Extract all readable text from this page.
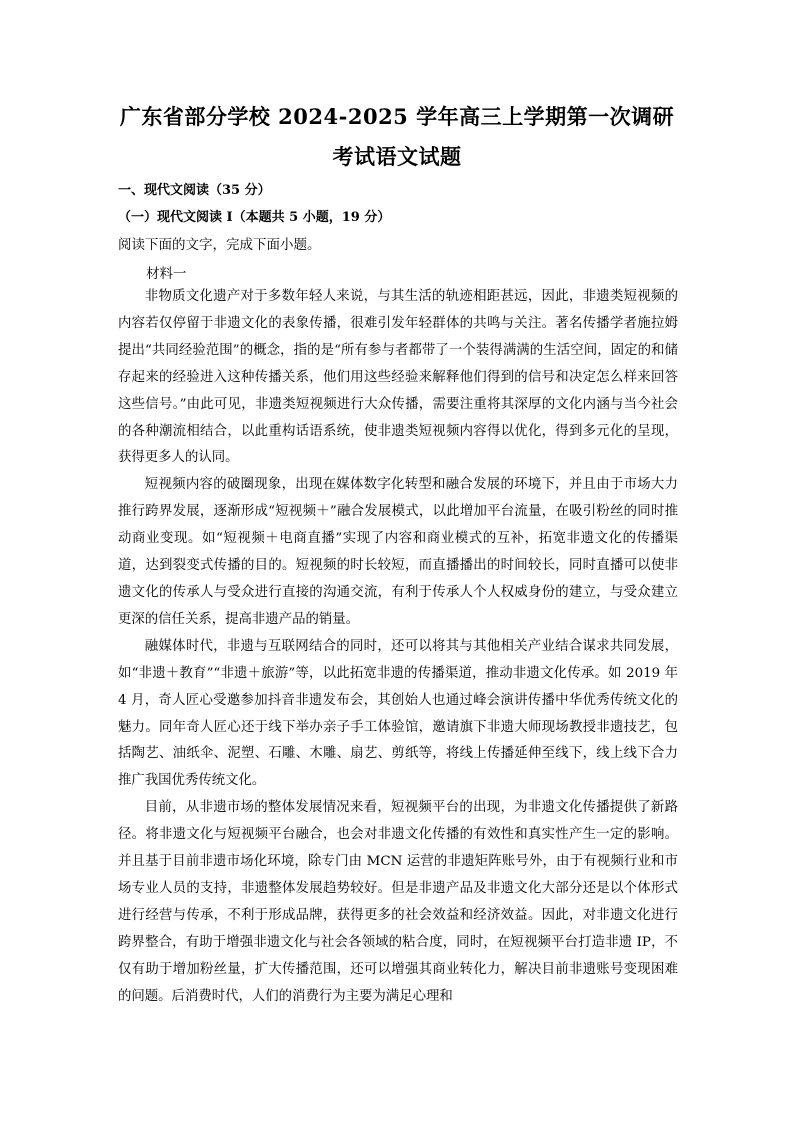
广东省部分学校 2024-2025 学年高三上学期第一次调研
考试语文试题
一、现代文阅读（35 分）
（一）现代文阅读 I（本题共 5 小题，19 分）
阅读下面的文字，完成下面小题。
材料一

非物质文化遗产对于多数年轻人来说，与其生活的轨迹相距甚远，因此，非遗类短视频的内容若仅停留于非遗文化的表象传播，很难引发年轻群体的共鸣与关注。著名传播学者施拉姆提出“共同经验范围”的概念，指的是“所有参与者都带了一个装得满满的生活空间，固定的和储存起来的经验进入这种传播关系，他们用这些经验来解释他们得到的信号和决定怎么样来回答这些信号。”由此可见，非遗类短视频进行大众传播，需要注重将其深厚的文化内涵与当今社会的各种潮流相结合，以此重构话语系统，使非遗类短视频内容得以优化，得到多元化的呈现，获得更多人的认同。

短视频内容的破圈现象，出现在媒体数字化转型和融合发展的环境下，并且由于市场大力推行跨界发展，逐渐形成“短视频＋”融合发展模式，以此增加平台流量，在吸引粉丝的同时推动商业变现。如“短视频＋电商直播”实现了内容和商业模式的互补，拓宽非遗文化的传播渠道，达到裂变式传播的目的。短视频的时长较短，而直播播出的时间较长，同时直播可以使非遗文化的传承人与受众进行直接的沟通交流，有利于传承人个人权威身份的建立，与受众建立更深的信任关系，提高非遗产品的销量。

融媒体时代，非遗与互联网结合的同时，还可以将其与其他相关产业结合谋求共同发展，如“非遗＋教育”“非遗＋旅游”等，以此拓宽非遗的传播渠道，推动非遗文化传承。如 2019 年 4 月，奇人匠心受邀参加抖音非遗发布会，其创始人也通过峰会演讲传播中华优秀传统文化的魅力。同年奇人匠心还于线下举办亲子手工体验馆，邀请旗下非遗大师现场教授非遗技艺，包括陶艺、油纸伞、泥塑、石雕、木雕、扇艺、剪纸等，将线上传播延伸至线下，线上线下合力推广我国优秀传统文化。

目前，从非遗市场的整体发展情况来看，短视频平台的出现，为非遗文化传播提供了新路径。将非遗文化与短视频平台融合，也会对非遗文化传播的有效性和真实性产生一定的影响。并且基于目前非遗市场化环境，除专门由 MCN 运营的非遗矩阵账号外，由于有视频行业和市场专业人员的支持，非遗整体发展趋势较好。但是非遗产品及非遗文化大部分还是以个体形式进行经营与传承，不利于形成品牌，获得更多的社会效益和经济效益。因此，对非遗文化进行跨界整合，有助于增强非遗文化与社会各领域的粘合度，同时，在短视频平台打造非遗 IP，不仅有助于增加粉丝量，扩大传播范围，还可以增强其商业转化力，解决目前非遗账号变现困难的问题。后消费时代，人们的消费行为主要为满足心理和
